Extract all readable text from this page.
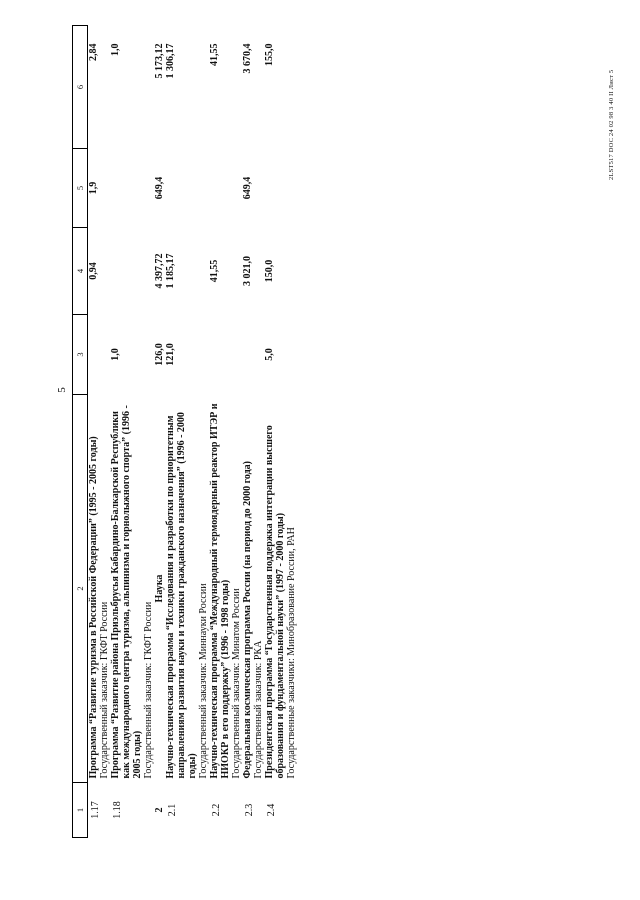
5
1	2	3	4	5	6
1.17	Программа “Развитие туризма в Российской Федерации” (1995 - 2005 годы) Государственный заказчик: ГКФТ России		0,94	1,9	2,84
1.18	Программа “Развитие района Приэльбрусья Кабардино-Балкарской Республики как международного центра туризма, альпинизма и горнолыжного спорта” (1996 - 2005 годы) Государственный заказчик: ГКФТ России	1,0			1,0
2	Наука	126,0	4 397,72	649,4	5 173,12
2.1	Научно-техническая программа “Исследования и разработки по приоритетным направлениям развития науки и техники гражданского назначения” (1996 - 2000 годы) Государственный заказчик: Миннауки России	121,0	1 185,17		1 306,17
2.2	Научно-техническая программа “Международный термоядерный реактор ИТЭР и НИОКР в его поддержку” (1996 - 1998 годы) Государственный заказчик: Минатом России		41,55		41,55
2.3	Федеральная космическая программа России (на период до 2000 года) Государственный заказчик: РКА		3 021,0	649,4	3 670,4
2.4	Президентская программа “Государственная поддержка интеграции высшего образования и фундаментальной науки” (1997 - 2000 годы) Государственные заказчики: Минобразование России, РАН	5,0	150,0		155,0
2LST517 DOC 24 02 98 3 40 II Лист 5
